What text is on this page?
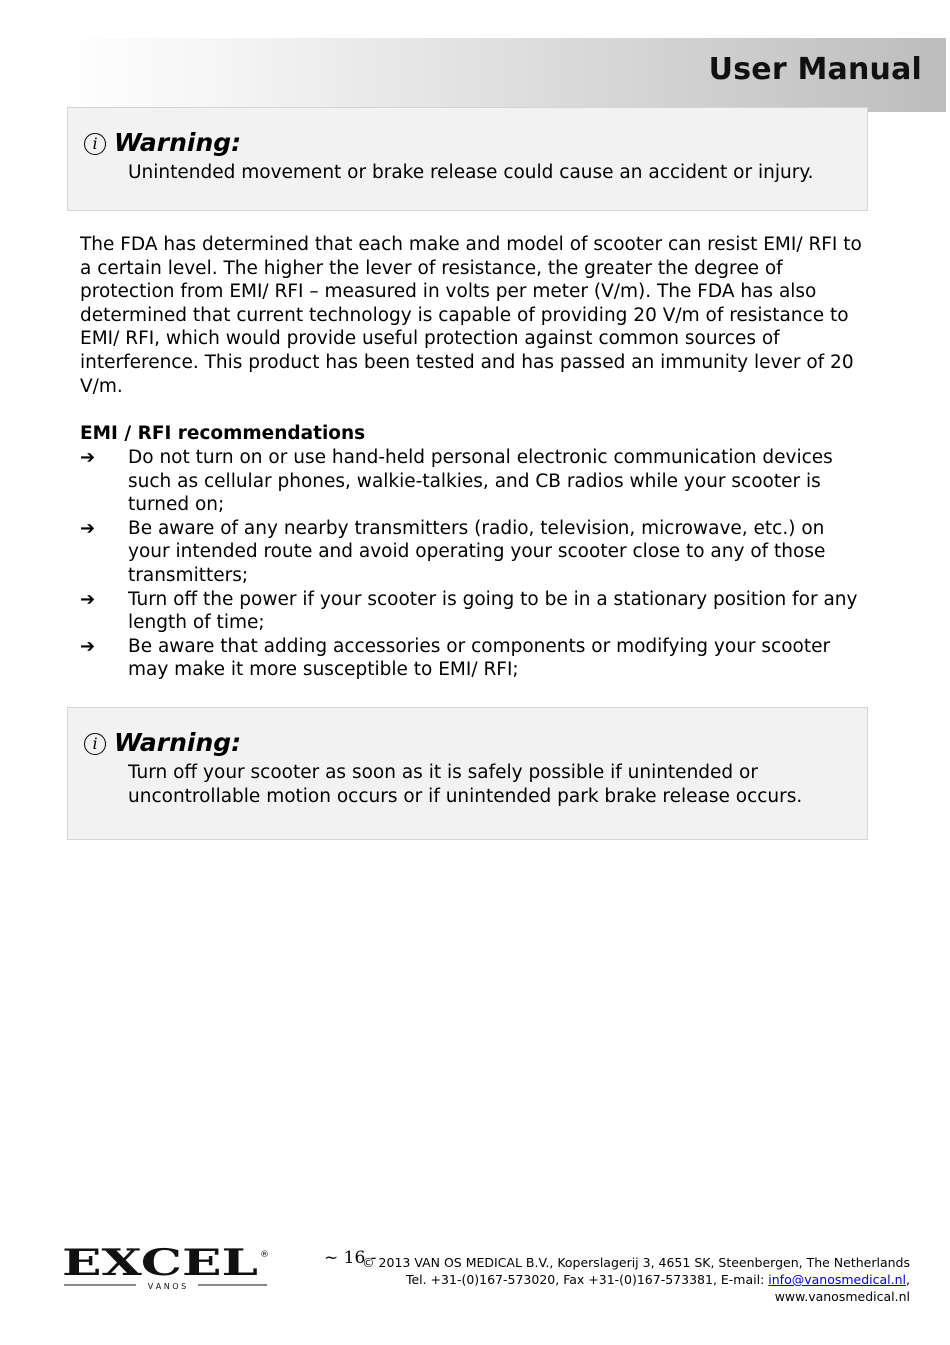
User Manual
i Warning:

Unintended movement or brake release could cause an accident or injury.

The FDA has determined that each make and model of scooter can resist EMI/ RFI to a certain level. The higher the lever of resistance, the greater the degree of protection from EMI/ RFI – measured in volts per meter (V/m). The FDA has also determined that current technology is capable of providing 20 V/m of resistance to EMI/ RFI, which would provide useful protection against common sources of interference. This product has been tested and has passed an immunity lever of 20 V/m.

EMI / RFI recommendations

➔ Do not turn on or use hand-held personal electronic communication devices such as cellular phones, walkie-talkies, and CB radios while your scooter is turned on;
➔ Be aware of any nearby transmitters (radio, television, microwave, etc.) on your intended route and avoid operating your scooter close to any of those transmitters;
➔ Turn off the power if your scooter is going to be in a stationary position for any length of time;
➔ Be aware that adding accessories or components or modifying your scooter may make it more susceptible to EMI/ RFI;
i Warning:

Turn off your scooter as soon as it is safely possible if unintended or uncontrollable motion occurs or if unintended park brake release occurs.

EXCEL ®
V A N O S
~ 16 -
© 2013 VAN OS MEDICAL B.V., Koperslagerij 3, 4651 SK, Steenbergen, The Netherlands
Tel. +31-(0)167-573020, Fax +31-(0)167-573381, E-mail: info@vanosmedical.nl,
www.vanosmedical.nl
